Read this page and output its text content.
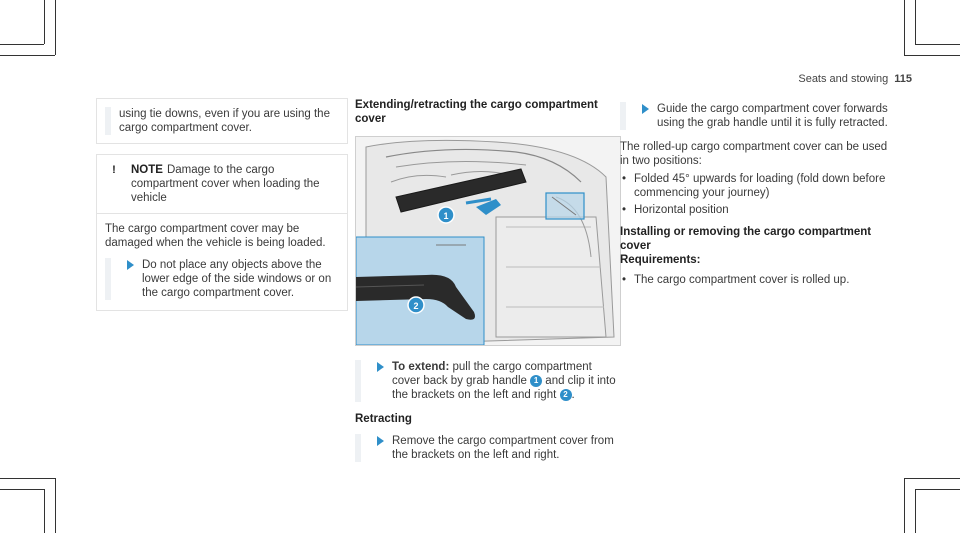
Seats and stowing 115
using tie downs, even if you are using the cargo compartment cover.
!	NOTE Damage to the cargo compartment cover when loading the vehicle
The cargo compartment cover may be damaged when the vehicle is being loaded.

Do not place any objects above the lower edge of the side windows or on the cargo compartment cover.

Extending/retracting the cargo compartment cover
1
2

To extend: pull the cargo compartment cover back by grab handle 1 and clip it into the brackets on the left and right 2 .

Retracting

Remove the cargo compartment cover from the brackets on the left and right.

Guide the cargo compartment cover forwards using the grab handle until it is fully retracted.

The rolled-up cargo compartment cover can be used in two positions:

• Folded 45° upwards for loading (fold down before commencing your journey)
• Horizontal position
Installing or removing the cargo compartment cover
Requirements:
• The cargo compartment cover is rolled up.
